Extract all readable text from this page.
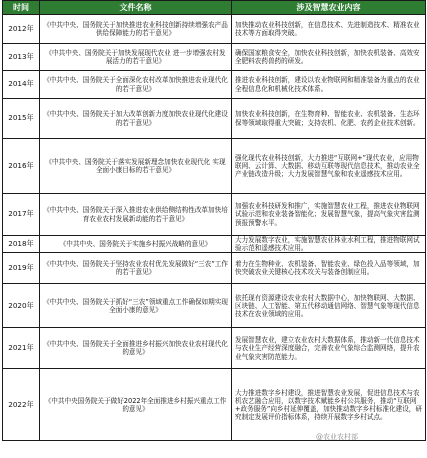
时间	文件名称	涉及智慧农业内容
2012年	《中共中央、国务院关于加快推进农业科技创新持续增强农产品供给保障能力的若干意见》	加快推动农业科技创新，在信息技术、先进制造技术、精准农业技术等方面取得突破。
2013年	《中共中央、国务院关于加快发展现代农业 进一步增强农村发展活力的若干意见》	确保国家粮食安全，加快农业科技创新，加快农机装备、高效安全肥料农药兽药的研发。
2014年	《中共中央、国务院关于全面深化农村改革加快推进农业现代化的若干意见》	推进农业科技创新，建设以农业物联网和精准装备为重点的农业全程信息化和机械化技术体系。
2015年	《中共中央、国务院关于加大改革创新力度加快农业现代化建设的若干意见》	加快农业科技创新，在生物育种、智能农业、农机装备、生态环保等领域取得重大突破；支持农机、化肥、农药企业技术创新。
2016年	《中共中央、国务院关于落实发展新理念加快农业现代化 实现全面小康目标的若干意见》	强化现代农业科技创新，大力推进“互联网+”现代农业，应用物联网、云计算、大数据、移动互联等现代信息技术，推动农业全产业链改造升级；大力发展智慧气象和农业遥感技术应用。
2017年	《中共中央、国务院关于深入推进农业供给侧结构性改革加快培育农业农村发展新动能的若干意见》	加强农业科技研发和推广，实施智慧农业工程，推进农业物联网试验示范和农业装备智能化；发展智慧气象，提高气象灾害监测预报预警水平。
2018年	《中共中央、国务院关于实施乡村振兴战略的意见》	大力发展数字农业，实施智慧农业林业水利工程，推进物联网试验示范和遥感技术应用。
2019年	《中共中央、国务院关于坚持农业农村优先发展做好“三农”工作的若干意见》	着力在生物种业、农机装备、智能农业、绿色投入品等领域，加快突破农业关键核心技术攻关与装备创制应用。
2020年	《中共中央、国务院关于抓好“三农”领域重点工作确保如期实现全面小康的意见》	依托现有资源建设农业农村大数据中心，加快物联网、大数据、区块链、人工智能、第五代移动通信网络、智慧气象等现代信息技术在农业领域的应用。
2021年	《中共中央、国务院关于全面推进乡村振兴加快农业农村现代化的意见》	发展智慧农业，建立农业农村大数据体系，推动新一代信息技术与农业生产经营深度融合，完善农业气象综合监测网络，提升农业气象灾害防范能力。
2022年	《中共中央国务院关于做好2022年全面推进乡村振兴重点工作的意见》	大力推进数字乡村建设，推进智慧农业发展，促进信息技术与农机农艺融合应用，以数字技术赋能乡村公共服务，推动“互联网+政务服务”向乡村延伸覆盖，加快推动数字乡村标准化建设，研究制定发展评价指标体系，持续开展数字乡村试点。
@农业农村部
